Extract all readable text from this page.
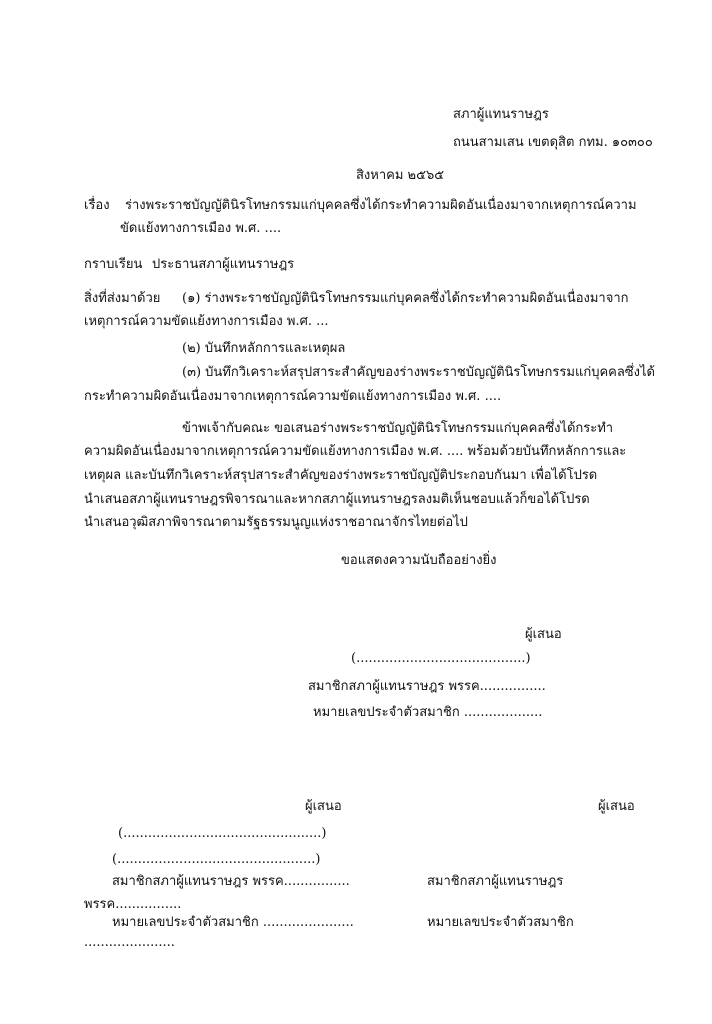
สภาผู้แทนราษฎร
ถนนสามเสน เขตดุสิต กทม. ๑๐๓๐๐
สิงหาคม ๒๕๖๕
เรื่อง ร่างพระราชบัญญัตินิรโทษกรรมแก่บุคคลซึ่งได้กระทำความผิดอันเนื่องมาจากเหตุการณ์ความ
ขัดแย้งทางการเมือง พ.ศ. ....
กราบเรียน ประธานสภาผู้แทนราษฎร
สิ่งที่ส่งมาด้วย (๑) ร่างพระราชบัญญัตินิรโทษกรรมแก่บุคคลซึ่งได้กระทำความผิดอันเนื่องมาจาก
เหตุการณ์ความขัดแย้งทางการเมือง พ.ศ. ...
(๒) บันทึกหลักการและเหตุผล
(๓) บันทึกวิเคราะห์สรุปสาระสำคัญของร่างพระราชบัญญัตินิรโทษกรรมแก่บุคคลซึ่งได้
กระทำความผิดอันเนื่องมาจากเหตุการณ์ความขัดแย้งทางการเมือง พ.ศ. ....
ข้าพเจ้ากับคณะ ขอเสนอร่างพระราชบัญญัตินิรโทษกรรมแก่บุคคลซึ่งได้กระทำ
ความผิดอันเนื่องมาจากเหตุการณ์ความขัดแย้งทางการเมือง พ.ศ. .... พร้อมด้วยบันทึกหลักการและ
เหตุผล และบันทึกวิเคราะห์สรุปสาระสำคัญของร่างพระราชบัญญัติประกอบกันมา เพื่อได้โปรด
นำเสนอสภาผู้แทนราษฎรพิจารณาและหากสภาผู้แทนราษฎรลงมติเห็นชอบแล้วก็ขอได้โปรด
นำเสนอวุฒิสภาพิจารณาตามรัฐธรรมนูญแห่งราชอาณาจักรไทยต่อไป
ขอแสดงความนับถืออย่างยิ่ง
ผู้เสนอ
(.........................................)
สมาชิกสภาผู้แทนราษฎร พรรค................
หมายเลขประจำตัวสมาชิก ...................
ผู้เสนอ
(................................................)
(................................................)
สมาชิกสภาผู้แทนราษฎร พรรค................
พรรค................
หมายเลขประจำตัวสมาชิก ......................
......................
ผู้เสนอ
สมาชิกสภาผู้แทนราษฎร
หมายเลขประจำตัวสมาชิก
